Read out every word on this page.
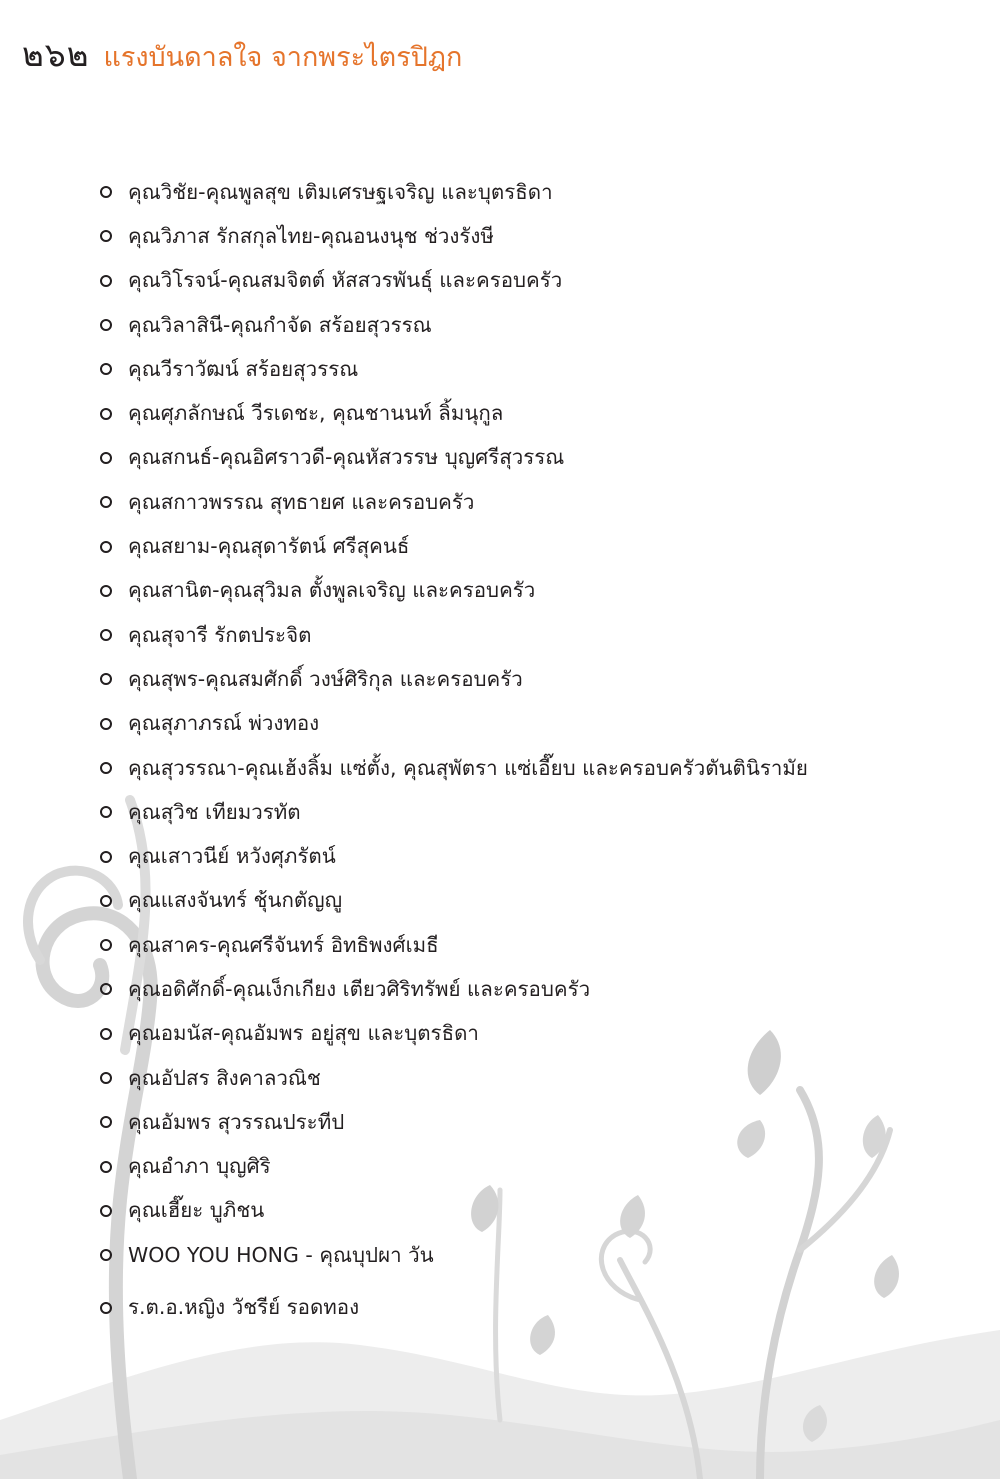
๒๖๒ แรงบันดาลใจ จากพระไตรปิฎก
คุณวิชัย-คุณพูลสุข เติมเศรษฐเจริญ และบุตรธิดา
คุณวิภาส รักสกุลไทย-คุณอนงนุช ช่วงรังษี
คุณวิโรจน์-คุณสมจิตต์ หัสสวรพันธุ์ และครอบครัว
คุณวิลาสินี-คุณกำจัด สร้อยสุวรรณ
คุณวีราวัฒน์ สร้อยสุวรรณ
คุณศุภลักษณ์ วีรเดชะ, คุณชานนท์ ลิ้มนุกูล
คุณสกนธ์-คุณอิศราวดี-คุณหัสวรรษ บุญศรีสุวรรณ
คุณสกาวพรรณ สุทธายศ และครอบครัว
คุณสยาม-คุณสุดารัตน์ ศรีสุคนธ์
คุณสานิต-คุณสุวิมล ตั้งพูลเจริญ และครอบครัว
คุณสุจารี รักตประจิต
คุณสุพร-คุณสมศักดิ์ วงษ์ศิริกุล และครอบครัว
คุณสุภาภรณ์ พ่วงทอง
คุณสุวรรณา-คุณเฮ้งลิ้ม แซ่ตั้ง, คุณสุพัตรา แซ่เอี๊ยบ และครอบครัวตันตินิรามัย
คุณสุวิช เทียมวรทัต
คุณเสาวนีย์ หวังศุภรัตน์
คุณแสงจันทร์ ชุ้นกตัญญู
คุณสาคร-คุณศรีจันทร์ อิทธิพงศ์เมธี
คุณอดิศักดิ์-คุณเง็กเกียง เตียวศิริทรัพย์ และครอบครัว
คุณอมนัส-คุณอัมพร อยู่สุข และบุตรธิดา
คุณอัปสร สิงคาลวณิช
คุณอัมพร สุวรรณประทีป
คุณอำภา บุญศิริ
คุณเฮี๊ยะ บูภิชน
WOO YOU HONG - คุณบุปผา วัน
ร.ต.อ.หญิง วัชรีย์ รอดทอง
